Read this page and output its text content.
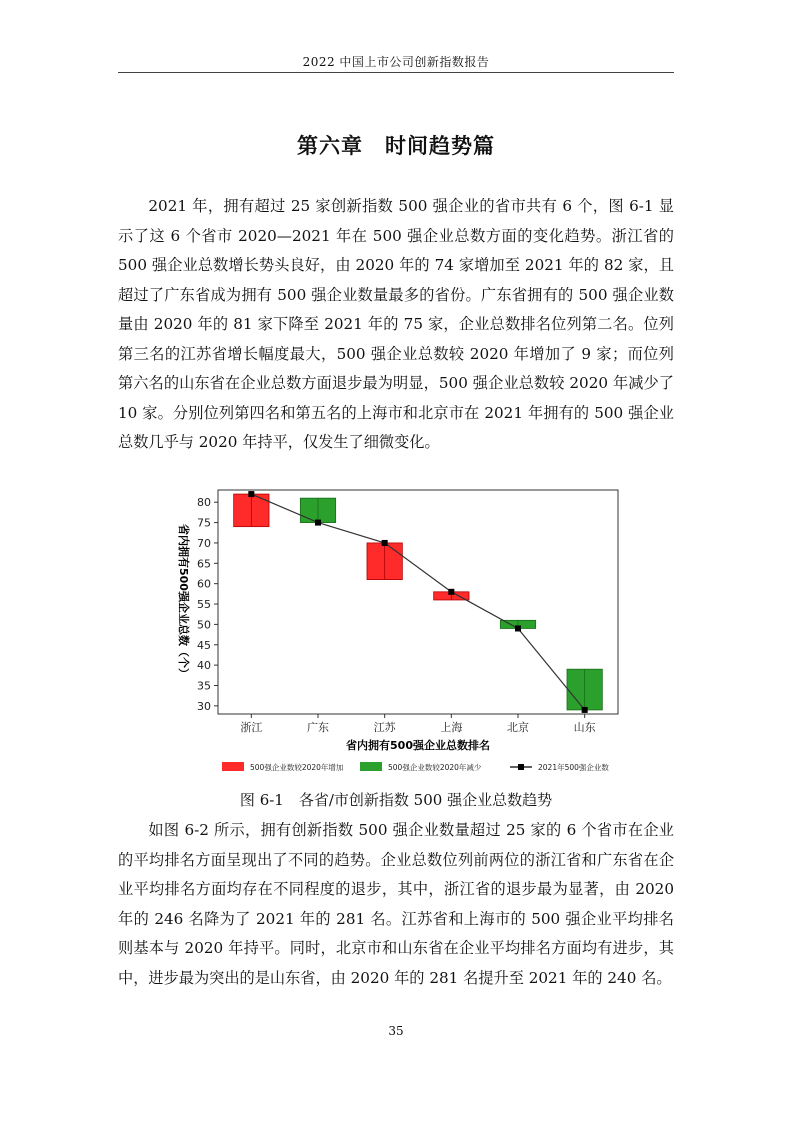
2022 中国上市公司创新指数报告
第六章　时间趋势篇

2021 年，拥有超过 25 家创新指数 500 强企业的省市共有 6 个，图 6-1 显示了这 6 个省市 2020—2021 年在 500 强企业总数方面的变化趋势。浙江省的 500 强企业总数增长势头良好，由 2020 年的 74 家增加至 2021 年的 82 家，且超过了广东省成为拥有 500 强企业数量最多的省份。广东省拥有的 500 强企业数量由 2020 年的 81 家下降至 2021 年的 75 家，企业总数排名位列第二名。位列第三名的江苏省增长幅度最大，500 强企业总数较 2020 年增加了 9 家；而位列第六名的山东省在企业总数方面退步最为明显，500 强企业总数较 2020 年减少了 10 家。分别位列第四名和第五名的上海市和北京市在 2021 年拥有的 500 强企业总数几乎与 2020 年持平，仅发生了细微变化。

30
35
40
45
50
55
60
65
70
75
80
浙江	广东	江苏	上海	北京	山东
省内拥有500强企业总数（个）
省内拥有500强企业总数排名
500强企业数较2020年增加	500强企业数较2020年减少	2021年500强企业数
图 6-1　各省/市创新指数 500 强企业总数趋势

如图 6-2 所示，拥有创新指数 500 强企业数量超过 25 家的 6 个省市在企业的平均排名方面呈现出了不同的趋势。企业总数位列前两位的浙江省和广东省在企业平均排名方面均存在不同程度的退步，其中，浙江省的退步最为显著，由 2020 年的 246 名降为了 2021 年的 281 名。江苏省和上海市的 500 强企业平均排名则基本与 2020 年持平。同时，北京市和山东省在企业平均排名方面均有进步，其中，进步最为突出的是山东省，由 2020 年的 281 名提升至 2021 年的 240 名。

35
